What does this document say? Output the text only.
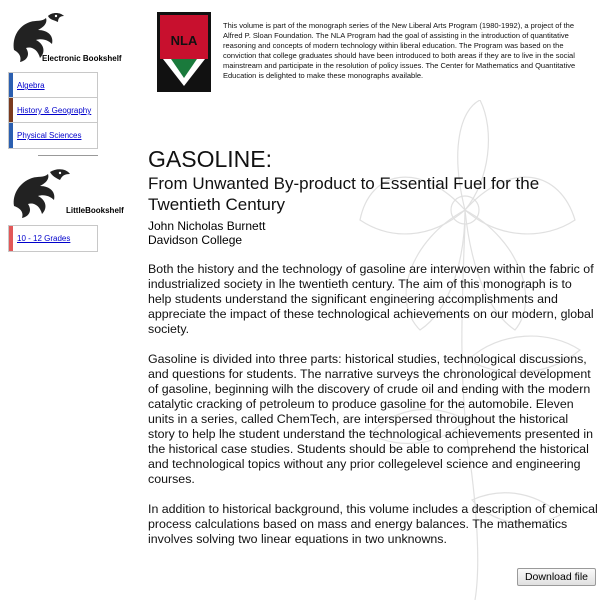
Electronic Bookshelf
Algebra
History & Geography
Physical Sciences
LittleBookshelf
10 - 12 Grades
NLA

This volume is part of the monograph series of the New Liberal Arts Program (1980-1992), a project of the Alfred P. Sloan Foundation. The NLA Program had the goal of assisting in the introduction of quantitative reasoning and concepts of modern technology within liberal education. The Program was based on the conviction that college graduates should have been introduced to both areas if they are to live in the social mainstream and participate in the resolution of policy issues. The Center for Mathematics and Quantitative Education is delighted to make these monographs available.

GASOLINE:
From Unwanted By-product to Essential Fuel for the Twentieth Century
John Nicholas Burnett
Davidson College

Both the history and the technology of gasoline are interwoven within the fabric of industrialized society in lhe twentieth century. The aim of this monograph is to help students understand the significant engineering accomplishments and appreciate the impact of these technological achievements on our modern, global society.

Gasoline is divided into three parts: historical studies, technological discussions, and questions for students. The narrative surveys the chronological development of gasoline, beginning wilh the discovery of crude oil and ending with the modern catalytic cracking of petroleum to produce gasoline for the automobile. Eleven units in a series, called ChemTech, are interspersed throughout the historical story to help lhe student understand the technological achievements presented in the historical case studies. Students should be able to comprehend the historical and technological topics without any prior collegelevel science and engineering courses.

In addition to historical background, this volume includes a description of chemical process calculations based on mass and energy balances. The mathematics involves solving two linear equations in two unknowns.

Download file
